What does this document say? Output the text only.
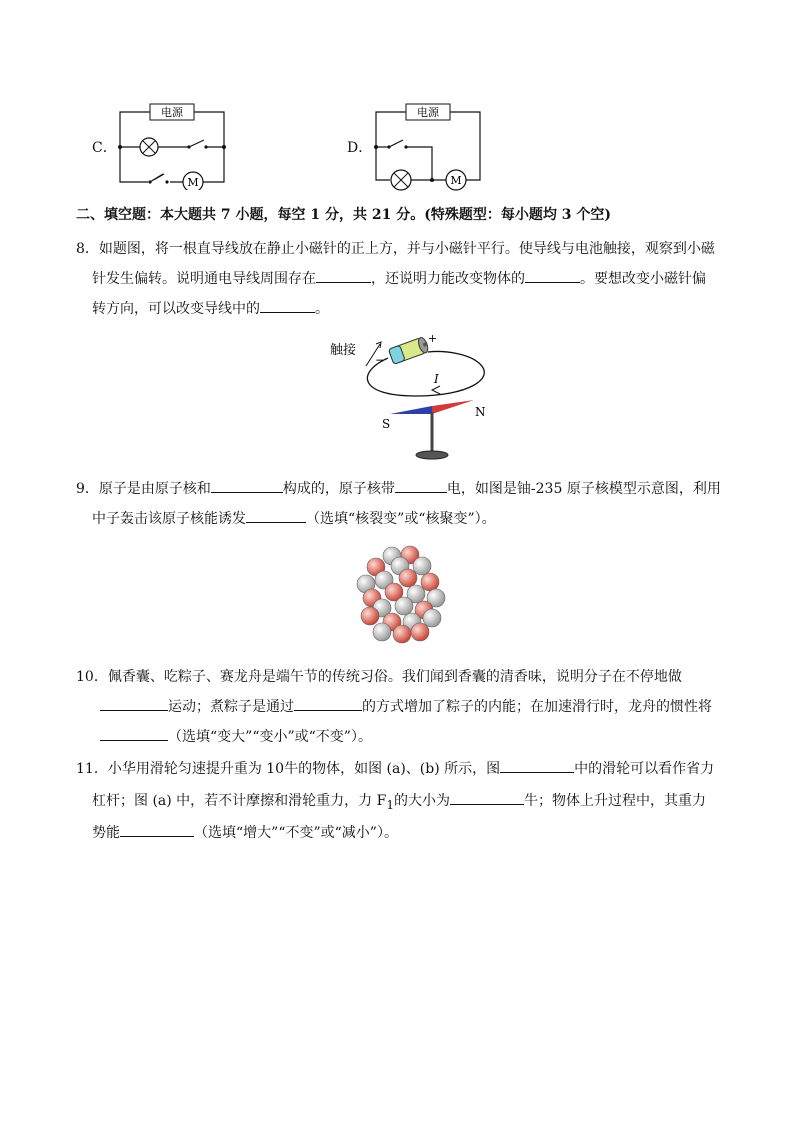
C．
电源
M
D．
电源
M
二、填空题：本大题共 7 小题，每空 1 分，共 21 分。(特殊题型：每小题均 3 个空)
8．如题图，将一根直导线放在静止小磁针的正上方，并与小磁针平行。使导线与电池触接，观察到小磁
针发生偏转。说明通电导线周围存在	，还说明力能改变物体的	。要想改变小磁针偏
转方向，可以改变导线中的	。
触接
−
+
I
S
N
9．原子是由原子核和	构成的，原子核带	电，如图是铀-235 原子核模型示意图，利用
中子轰击该原子核能诱发	（选填“核裂变”或“核聚变”）。
10．佩香囊、吃粽子、赛龙舟是端午节的传统习俗。我们闻到香囊的清香味，说明分子在不停地做
运动；煮粽子是通过	的方式增加了粽子的内能；在加速滑行时，龙舟的惯性将
（选填“变大”“变小”或“不变”）。
11．小华用滑轮匀速提升重为 10牛的物体，如图 (a)、(b) 所示，图	中的滑轮可以看作省力
杠杆；图 (a) 中，若不计摩擦和滑轮重力，力 $F_1$的大小为	牛；物体上升过程中，其重力
势能	（选填“增大”“不变”或“减小”）。
